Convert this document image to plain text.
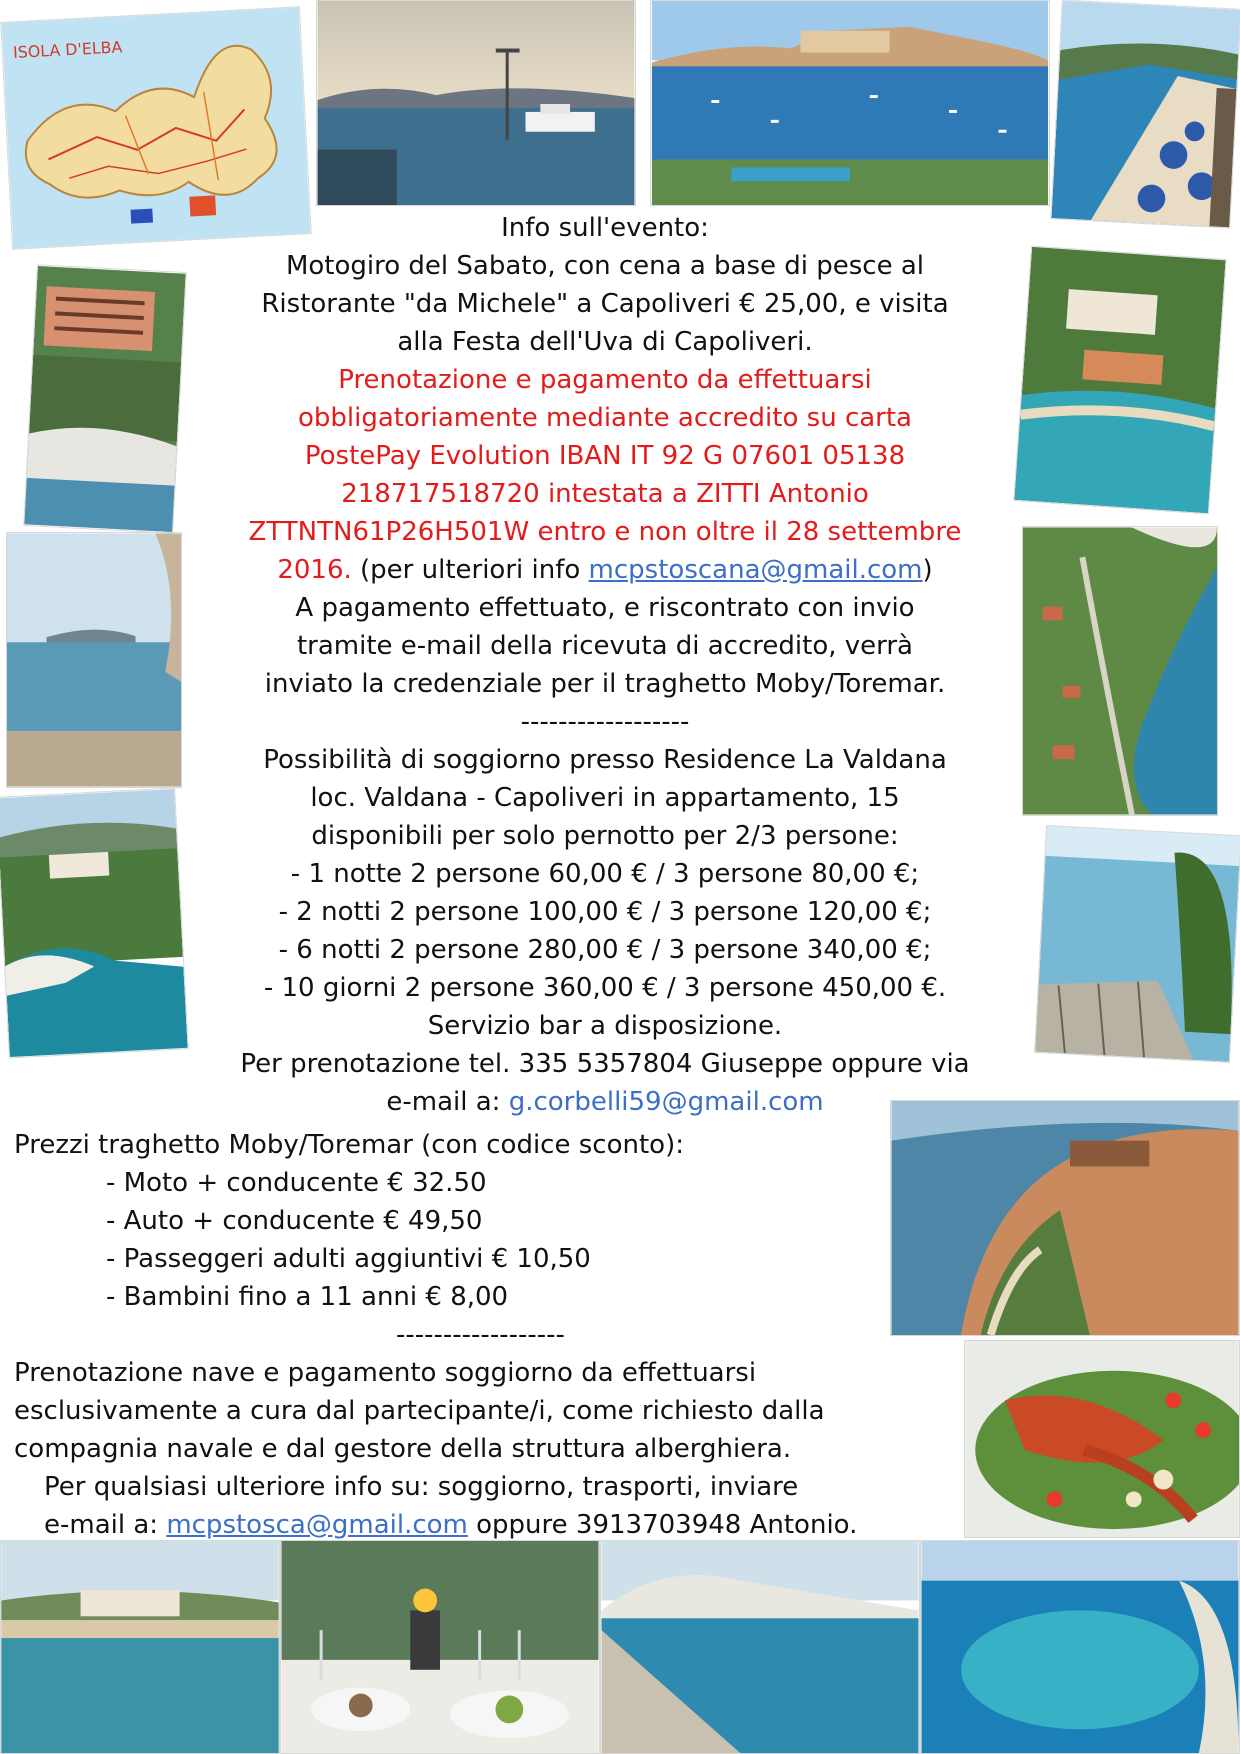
ISOLA D'ELBA
Info sull'evento:
Motogiro del Sabato, con cena a base di pesce al
Ristorante "da Michele" a Capoliveri € 25,00, e visita
alla Festa dell'Uva di Capoliveri.
Prenotazione e pagamento da effettuarsi
obbligatoriamente mediante accredito su carta
PostePay Evolution IBAN IT 92 G 07601 05138
218717518720 intestata a ZITTI Antonio
ZTTNTN61P26H501W entro e non oltre il 28 settembre
2016. (per ulteriori info mcpstoscana@gmail.com)
A pagamento effettuato, e riscontrato con invio
tramite e-mail della ricevuta di accredito, verrà
inviato la credenziale per il traghetto Moby/Toremar.
------------------
Possibilità di soggiorno presso Residence La Valdana
loc. Valdana - Capoliveri in appartamento, 15
disponibili per solo pernotto per 2/3 persone:
- 1 notte 2 persone 60,00 € / 3 persone 80,00 €;
- 2 notti 2 persone 100,00 € / 3 persone 120,00 €;
- 6 notti 2 persone 280,00 € / 3 persone 340,00 €;
- 10 giorni 2 persone 360,00 € / 3 persone 450,00 €.
Servizio bar a disposizione.
Per prenotazione tel. 335 5357804 Giuseppe oppure via
e-mail a: g.corbelli59@gmail.com
Prezzi traghetto Moby/Toremar (con codice sconto):
- Moto + conducente € 32.50
- Auto + conducente € 49,50
- Passeggeri adulti aggiuntivi € 10,50
- Bambini fino a 11 anni € 8,00
------------------
Prenotazione nave e pagamento soggiorno da effettuarsi
esclusivamente a cura dal partecipante/i, come richiesto dalla
compagnia navale e dal gestore della struttura alberghiera.
Per qualsiasi ulteriore info su: soggiorno, trasporti, inviare
e-mail a: mcpstosca@gmail.com oppure 3913703948 Antonio.
